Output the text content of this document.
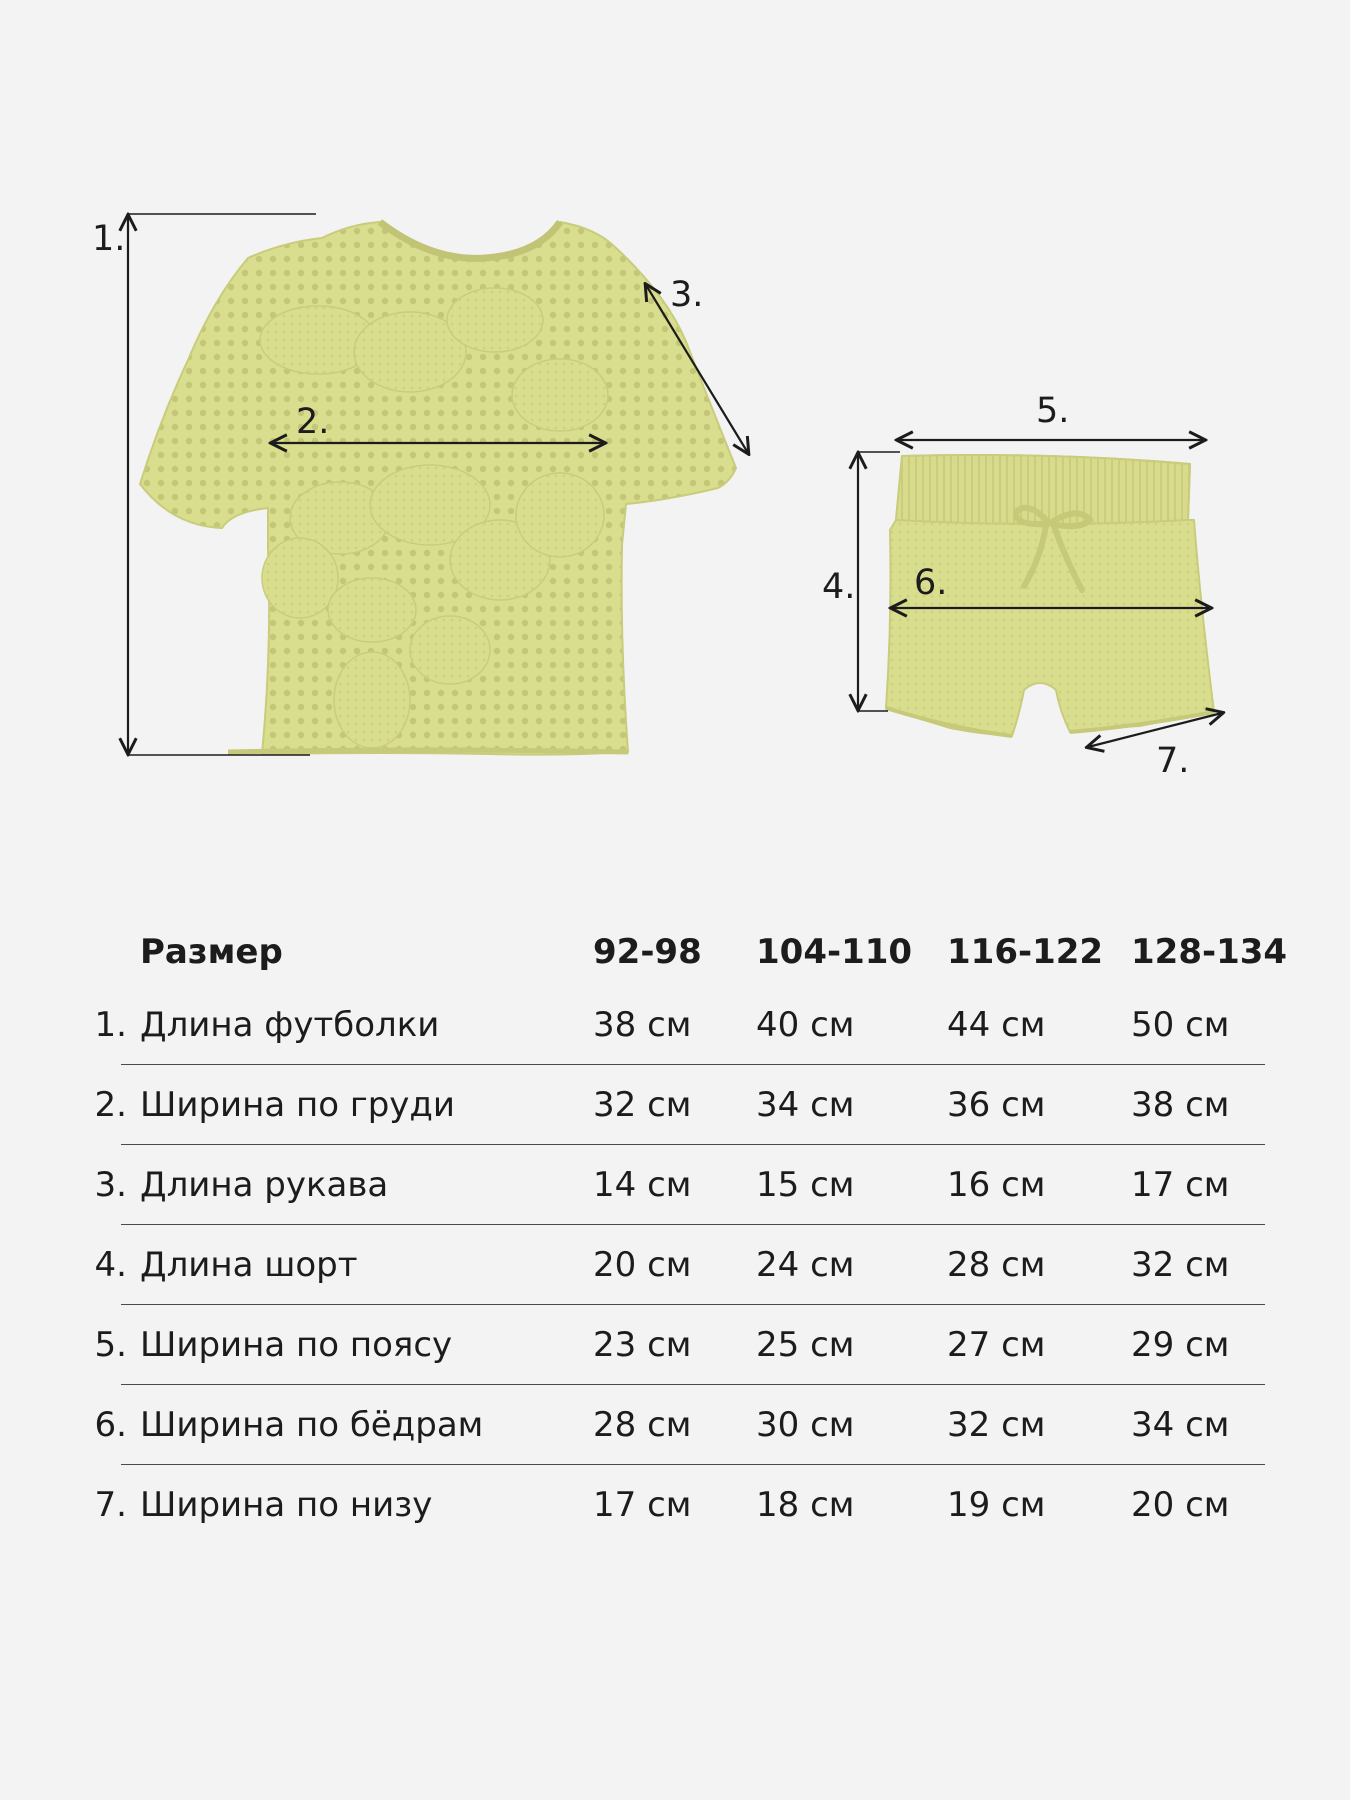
1.
2.
3.
4.
5.
6.
7.
Размер	92-98 104-110 116-122 128-134
1. Длина футболки	38 см 40 см	44 см	50 см
2. Ширина по груди	32 см 34 см	36 см	38 см
3. Длина рукава	14 см 15 см	16 см	17 см
4. Длина шорт	20 см 24 см	28 см	32 см
5. Ширина по поясу	23 см 25 см	27 см	29 см
6. Ширина по бёдрам	28 см 30 см	32 см	34 см
7. Ширина по низу	17 см 18 см	19 см	20 см
